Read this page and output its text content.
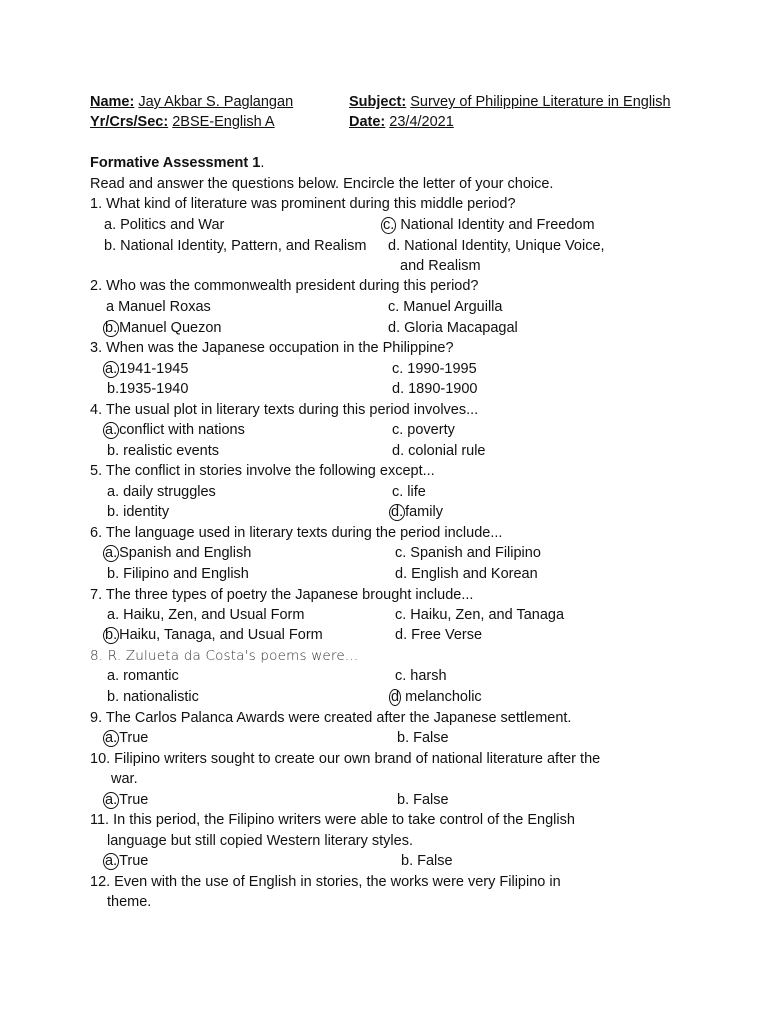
Name: Jay Akbar S. Paglangan	Subject: Survey of Philippine Literature in English
Yr/Crs/Sec: 2BSE-English A	Date: 23/4/2021
Formative Assessment 1.
Read and answer the questions below. Encircle the letter of your choice.
1. What kind of literature was prominent during this middle period?
a. Politics and War	c. National Identity and Freedom
b. National Identity, Pattern, and Realism d. National Identity, Unique Voice,
and Realism
2. Who was the commonwealth president during this period?
a Manuel Roxas	c. Manuel Arguilla
b. Manuel Quezon	d. Gloria Macapagal
3. When was the Japanese occupation in the Philippine?
a. 1941-1945	c. 1990-1995
b.1935-1940	d. 1890-1900
4. The usual plot in literary texts during this period involves...
a. conflict with nations	c. poverty
b. realistic events	d. colonial rule
5. The conflict in stories involve the following except...
a. daily struggles	c. life
b. identity	d. family
6. The language used in literary texts during the period include...
a. Spanish and English	c. Spanish and Filipino
b. Filipino and English	d. English and Korean
7. The three types of poetry the Japanese brought include...
a. Haiku, Zen, and Usual Form	c. Haiku, Zen, and Tanaga
b. Haiku, Tanaga, and Usual Form	d. Free Verse
8. R. Zulueta da Costa's poems were...
a. romantic	c. harsh
b. nationalistic	d melancholic
9. The Carlos Palanca Awards were created after the Japanese settlement.
a. True	b. False
10. Filipino writers sought to create our own brand of national literature after the
war.
a. True	b. False
11. In this period, the Filipino writers were able to take control of the English
language but still copied Western literary styles.
a. True	b. False
12. Even with the use of English in stories, the works were very Filipino in
theme.
